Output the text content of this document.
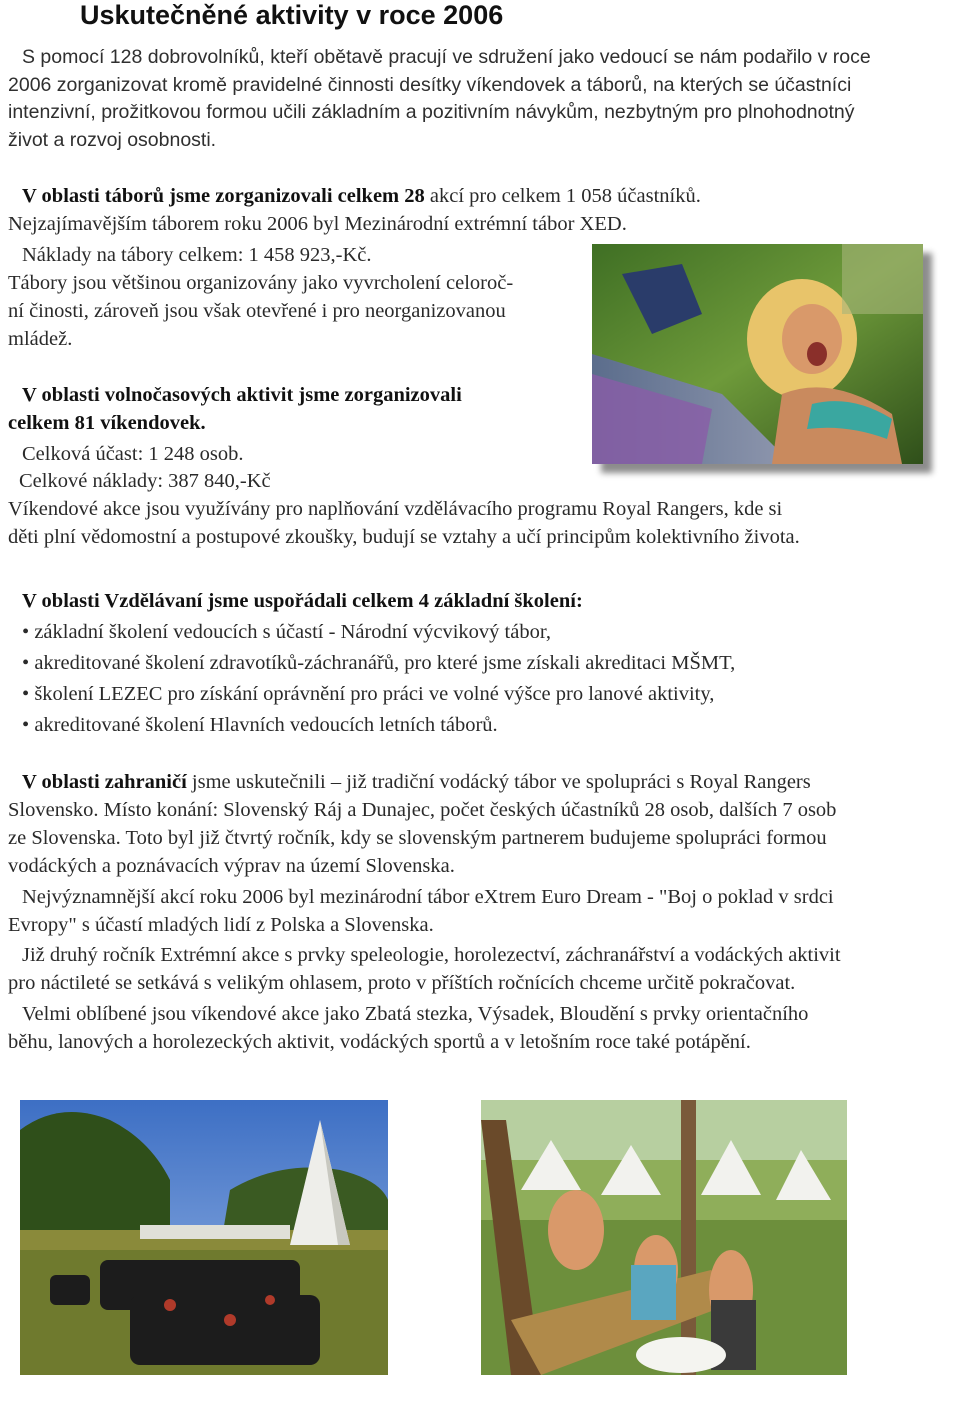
Uskutečněné aktivity v roce 2006
S pomocí 128 dobrovolníků, kteří obětavě pracují ve sdružení jako vedoucí se nám podařilo v roce
2006 zorganizovat kromě pravidelné činnosti desítky víkendovek a táborů, na kterých se účastníci
intenzivní, prožitkovou formou učili základním a pozitivním návykům, nezbytným pro plnohodnotný
život a rozvoj osobnosti.
V oblasti táborů jsme zorganizovali celkem 28 akcí pro celkem 1 058 účastníků.
Nejzajímavějším táborem roku 2006 byl Mezinárodní extrémní tábor XED.
Náklady na tábory celkem: 1 458 923,-Kč.
Tábory jsou většinou organizovány jako vyvrcholení celoroč-
ní činosti, zároveň jsou však otevřené i pro neorganizovanou
mládež.
V oblasti volnočasových aktivit jsme zorganizovali
celkem 81 víkendovek.
Celková účast: 1 248 osob.
Celkové náklady: 387 840,-Kč
Víkendové akce jsou využívány pro naplňování vzdělávacího programu Royal Rangers, kde si
děti plní vědomostní a postupové zkoušky, budují se vztahy a učí principům kolektivního života.
V oblasti Vzdělávaní jsme uspořádali celkem 4 základní školení:
• základní školení vedoucích s účastí - Národní výcvikový tábor,
• akreditované školení zdravotíků-záchranářů, pro které jsme získali akreditaci MŠMT,
• školení LEZEC pro získání oprávnění pro práci ve volné výšce pro lanové aktivity,
• akreditované školení Hlavních vedoucích letních táborů.
V oblasti zahraničí jsme uskutečnili – již tradiční vodácký tábor ve spolupráci s Royal Rangers
Slovensko. Místo konání: Slovenský Ráj a Dunajec, počet českých účastníků 28 osob, dalších 7 osob
ze Slovenska. Toto byl již čtvrtý ročník, kdy se slovenským partnerem budujeme spolupráci formou
vodáckých a poznávacích výprav na území Slovenska.
Nejvýznamnější akcí roku 2006 byl mezinárodní tábor eXtrem Euro Dream - "Boj o poklad v srdci
Evropy" s účastí mladých lidí z Polska a Slovenska.
Již druhý ročník Extrémní akce s prvky speleologie, horolezectví, záchranářství a vodáckých aktivit
pro náctileté se setkává s velikým ohlasem, proto v příštích ročnících chceme určitě pokračovat.
Velmi oblíbené jsou víkendové akce jako Zbatá stezka, Výsadek, Bloudění s prvky orientačního
běhu, lanových a horolezeckých aktivit, vodáckých sportů a v letošním roce také potápění.
